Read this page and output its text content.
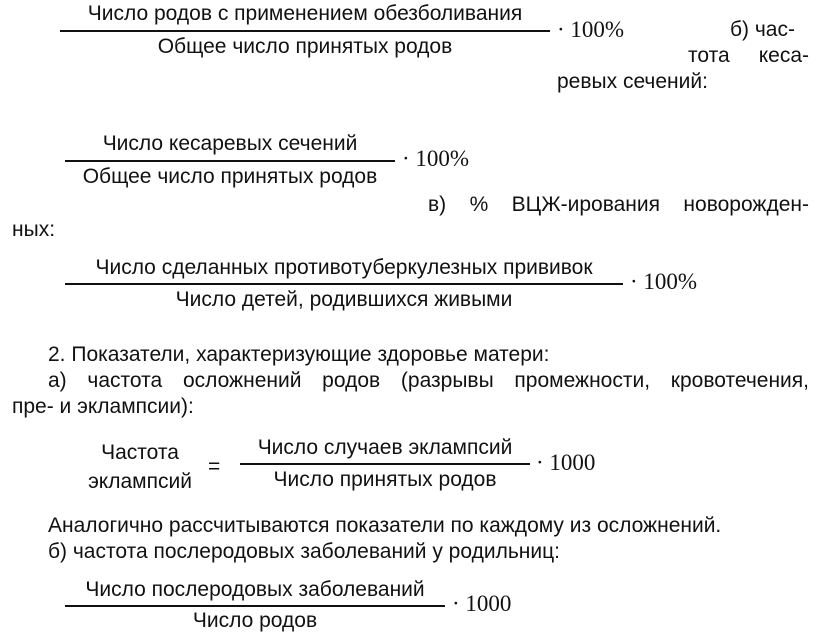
Число родов с применением обезболивания
Общее число принятых родов
· 100%	б) час-
тота кеса-
ревых сечений:
Число кесаревых сечений
Общее число принятых родов
· 100%
в) % ВЦЖ-ирования новорожден-
ных:
Число сделанных противотуберкулезных прививок
Число детей, родившихся живыми
· 100%
2. Показатели, характеризующие здоровье матери:
а) частота осложнений родов (разрывы промежности, кровотечения,
пре- и эклампсии):
Частота
эклампсий
=
Число случаев эклампсий
Число принятых родов
· 1000
Аналогично рассчитываются показатели по каждому из осложнений.
б) частота послеродовых заболеваний у родильниц:
Число послеродовых заболеваний
Число родов
· 1000
